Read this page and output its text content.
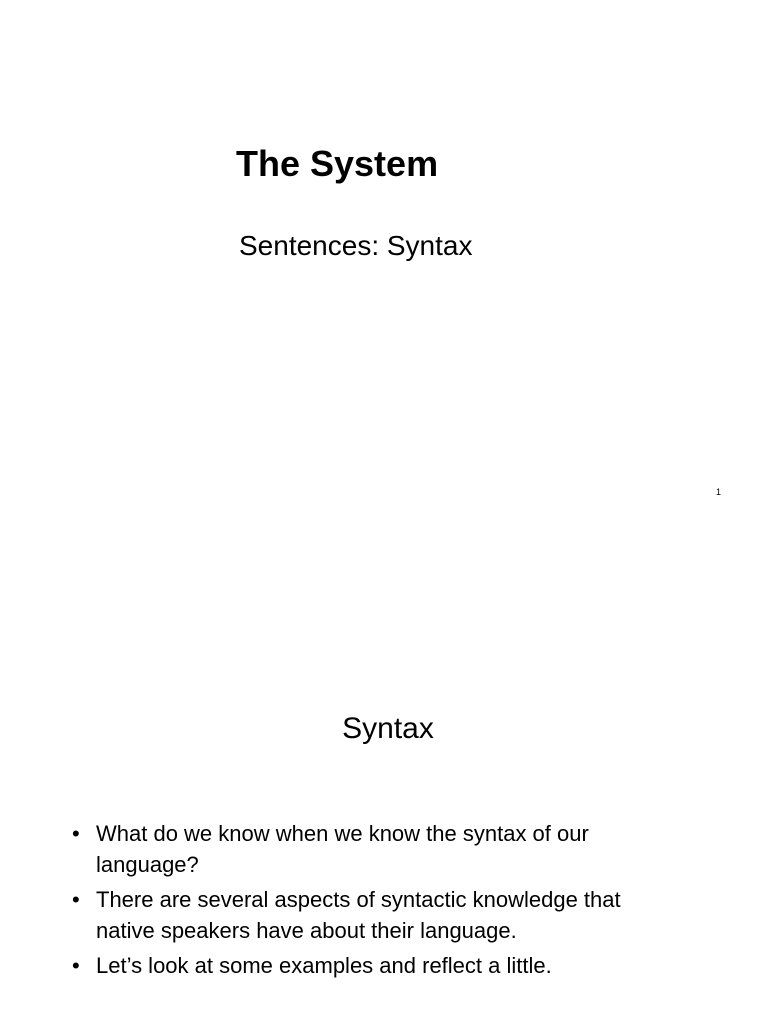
The System
Sentences: Syntax
1
Syntax
• What do we know when we know the syntax of our language?
• There are several aspects of syntactic knowledge that native speakers have about their language.
• Let’s look at some examples and reflect a little.
